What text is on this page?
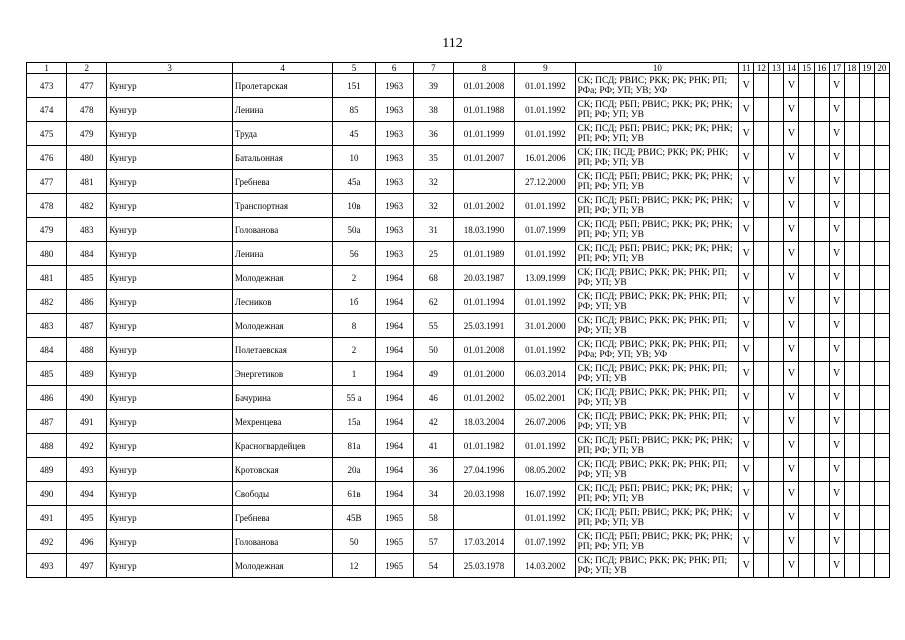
112
1	2	3	4	5	6	7	8	9	10	11	12	13	14	15	16	17	18	19	20
473	477	Кунгур	Пролетарская	151	1963	39	01.01.2008	01.01.1992	СК; ПСД; РВИС; РКК; РК; РНК; РП; РФа; РФ; УП; УВ; УФ	V			V			V			
474	478	Кунгур	Ленина	85	1963	38	01.01.1988	01.01.1992	СК; ПСД; РБП; РВИС; РКК; РК; РНК; РП; РФ; УП; УВ	V			V			V			
475	479	Кунгур	Труда	45	1963	36	01.01.1999	01.01.1992	СК; ПСД; РБП; РВИС; РКК; РК; РНК; РП; РФ; УП; УВ	V			V			V			
476	480	Кунгур	Батальонная	10	1963	35	01.01.2007	16.01.2006	СК; ПК; ПСД; РВИС; РКК; РК; РНК; РП; РФ; УП; УВ	V			V			V			
477	481	Кунгур	Гребнева	45а	1963	32		27.12.2000	СК; ПСД; РБП; РВИС; РКК; РК; РНК; РП; РФ; УП; УВ	V			V			V			
478	482	Кунгур	Транспортная	10в	1963	32	01.01.2002	01.01.1992	СК; ПСД; РБП; РВИС; РКК; РК; РНК; РП; РФ; УП; УВ	V			V			V			
479	483	Кунгур	Голованова	50а	1963	31	18.03.1990	01.07.1999	СК; ПСД; РБП; РВИС; РКК; РК; РНК; РП; РФ; УП; УВ	V			V			V			
480	484	Кунгур	Ленина	56	1963	25	01.01.1989	01.01.1992	СК; ПСД; РБП; РВИС; РКК; РК; РНК; РП; РФ; УП; УВ	V			V			V			
481	485	Кунгур	Молодежная	2	1964	68	20.03.1987	13.09.1999	СК; ПСД; РВИС; РКК; РК; РНК; РП; РФ; УП; УВ	V			V			V			
482	486	Кунгур	Лесников	1б	1964	62	01.01.1994	01.01.1992	СК; ПСД; РВИС; РКК; РК; РНК; РП; РФ; УП; УВ	V			V			V			
483	487	Кунгур	Молодежная	8	1964	55	25.03.1991	31.01.2000	СК; ПСД; РВИС; РКК; РК; РНК; РП; РФ; УП; УВ	V			V			V			
484	488	Кунгур	Полетаевская	2	1964	50	01.01.2008	01.01.1992	СК; ПСД; РВИС; РКК; РК; РНК; РП; РФа; РФ; УП; УВ; УФ	V			V			V			
485	489	Кунгур	Энергетиков	1	1964	49	01.01.2000	06.03.2014	СК; ПСД; РВИС; РКК; РК; РНК; РП; РФ; УП; УВ	V			V			V			
486	490	Кунгур	Бачурина	55 а	1964	46	01.01.2002	05.02.2001	СК; ПСД; РВИС; РКК; РК; РНК; РП; РФ; УП; УВ	V			V			V			
487	491	Кунгур	Мехренцева	15а	1964	42	18.03.2004	26.07.2006	СК; ПСД; РВИС; РКК; РК; РНК; РП; РФ; УП; УВ	V			V			V			
488	492	Кунгур	Красногвардейцев	81а	1964	41	01.01.1982	01.01.1992	СК; ПСД; РБП; РВИС; РКК; РК; РНК; РП; РФ; УП; УВ	V			V			V			
489	493	Кунгур	Кротовская	20а	1964	36	27.04.1996	08.05.2002	СК; ПСД; РВИС; РКК; РК; РНК; РП; РФ; УП; УВ	V			V			V			
490	494	Кунгур	Свободы	61в	1964	34	20.03.1998	16.07.1992	СК; ПСД; РБП; РВИС; РКК; РК; РНК; РП; РФ; УП; УВ	V			V			V			
491	495	Кунгур	Гребнева	45В	1965	58		01.01.1992	СК; ПСД; РБП; РВИС; РКК; РК; РНК; РП; РФ; УП; УВ	V			V			V			
492	496	Кунгур	Голованова	50	1965	57	17.03.2014	01.07.1992	СК; ПСД; РБП; РВИС; РКК; РК; РНК; РП; РФ; УП; УВ	V			V			V			
493	497	Кунгур	Молодежная	12	1965	54	25.03.1978	14.03.2002	СК; ПСД; РВИС; РКК; РК; РНК; РП; РФ; УП; УВ	V			V			V			
